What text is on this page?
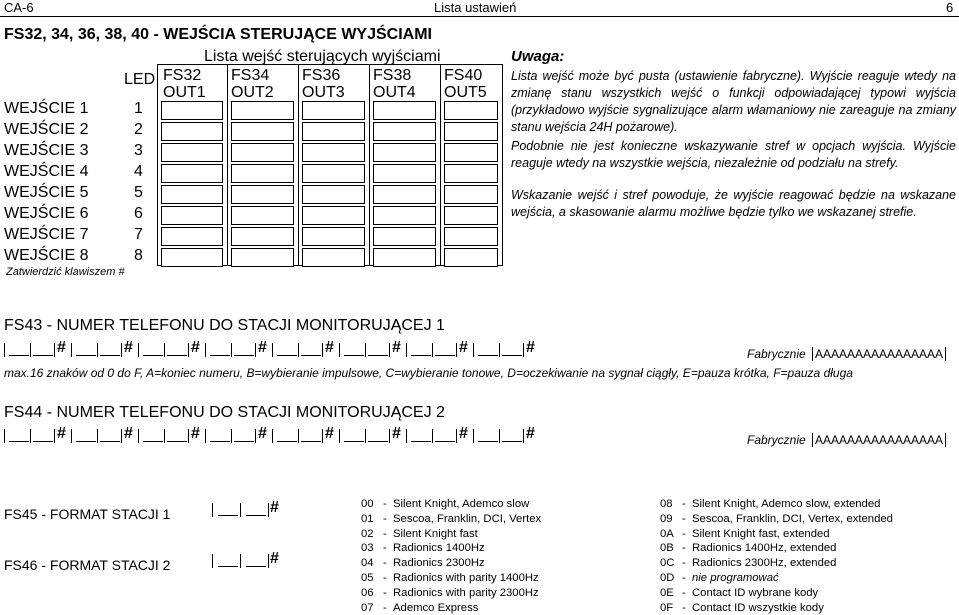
CA-6	Lista ustawień	6
FS32, 34, 36, 38, 40 - WEJŚCIA STERUJĄCE WYJŚCIAMI
Lista wejść sterujących wyjściami
LED FS32
OUT1
FS34
OUT2
FS36
OUT3
FS38
OUT4
FS40
OUT5
WEJŚCIE 1	1
WEJŚCIE 2	2
WEJŚCIE 3	3
WEJŚCIE 4	4
WEJŚCIE 5	5
WEJŚCIE 6	6
WEJŚCIE 7	7
WEJŚCIE 8	8
Zatwierdzić klawiszem #
Uwaga:
Lista wejść może być pusta (ustawienie fabryczne). Wyjście reaguje wtedy na zmianę stanu wszystkich wejść o funkcji odpowiadającej typowi wyjścia (przykładowo wyjście sygnalizujące alarm włamaniowy nie zareaguje na zmiany stanu wejścia 24H pożarowe).
Podobnie nie jest konieczne wskazywanie stref w opcjach wyjścia. Wyjście reaguje wtedy na wszystkie wejścia, niezależnie od podziału na strefy.
Wskazanie wejść i stref powoduje, że wyjście reagować będzie na wskazane wejścia, a skasowanie alarmu możliwe będzie tylko we wskazanej strefie.
FS43 - NUMER TELEFONU DO STACJI MONITORUJĄCEJ 1
#	#	#	#	#	#	#	#	Fabrycznie AAAAAAAAAAAAAAAA
max.16 znaków od 0 do F, A=koniec numeru, B=wybieranie impulsowe, C=wybieranie tonowe, D=oczekiwanie na sygnał ciągły, E=pauza krótka, F=pauza długa
FS44 - NUMER TELEFONU DO STACJI MONITORUJĄCEJ 2
#	#	#	#	#	#	#	#	Fabrycznie AAAAAAAAAAAAAAAA
FS45 - FORMAT STACJI 1	#
FS46 - FORMAT STACJI 2	#
00 - Silent Knight, Ademco slow
01 - Sescoa, Franklin, DCI, Vertex
02 - Silent Knight fast
03 - Radionics 1400Hz
04 - Radionics 2300Hz
05 - Radionics with parity 1400Hz
06 - Radionics with parity 2300Hz
07 - Ademco Express
08 - Silent Knight, Ademco slow, extended
09 - Sescoa, Franklin, DCI, Vertex, extended
0A - Silent Knight fast, extended
0B - Radionics 1400Hz, extended
0C - Radionics 2300Hz, extended
0D - nie programować
0E - Contact ID wybrane kody
0F - Contact ID wszystkie kody
